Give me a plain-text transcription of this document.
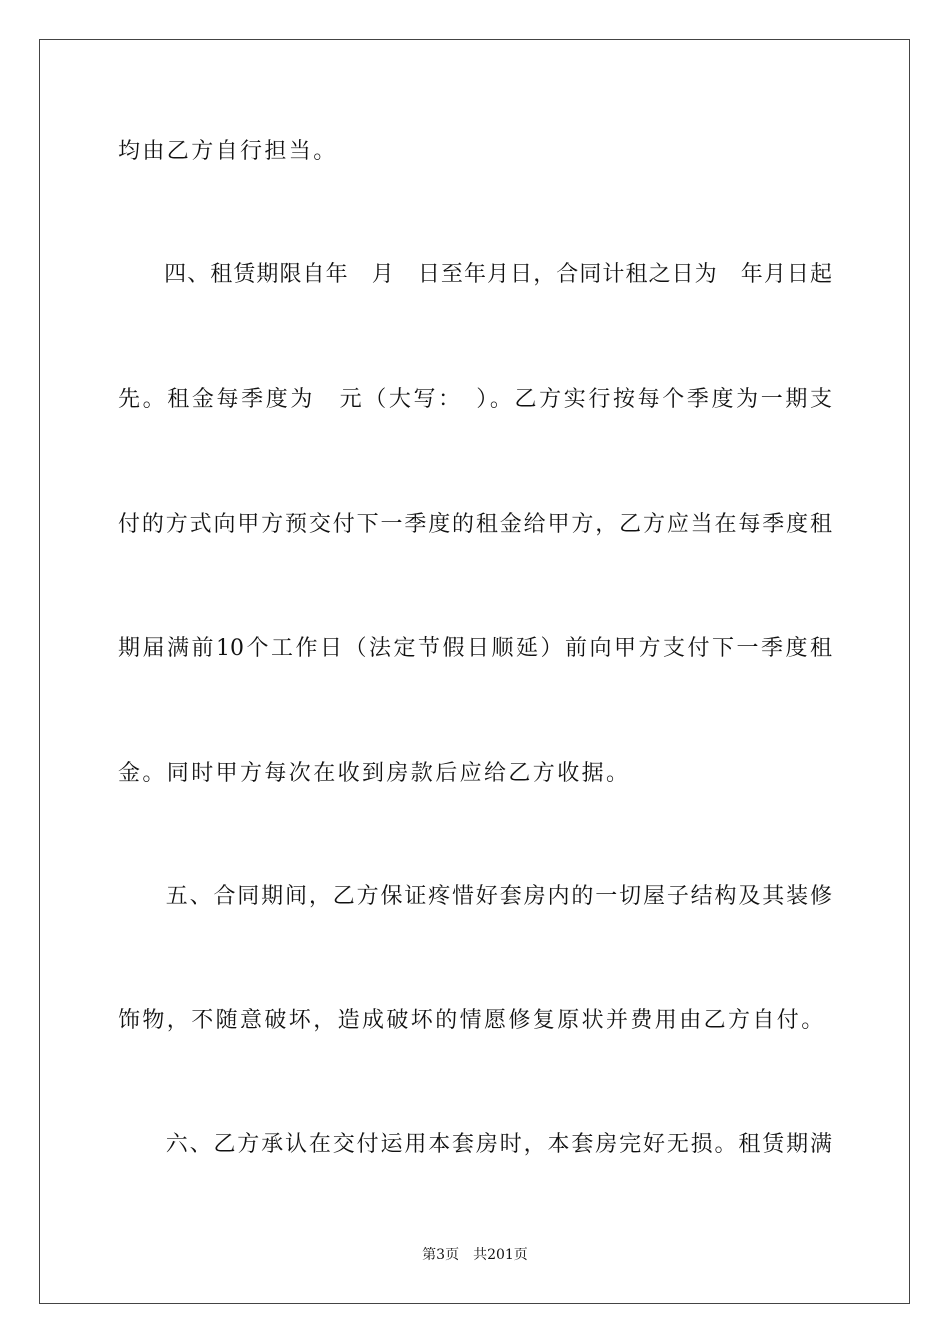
均由乙方自行担当。
　　四、租赁期限自年　月　日至年月日，合同计租之日为　年月日起
先。租金每季度为　元（大写：　）。乙方实行按每个季度为一期支
付的方式向甲方预交付下一季度的租金给甲方，乙方应当在每季度租
期届满前10个工作日（法定节假日顺延）前向甲方支付下一季度租
金。同时甲方每次在收到房款后应给乙方收据。
　　五、合同期间，乙方保证疼惜好套房内的一切屋子结构及其装修
饰物，不随意破坏，造成破坏的情愿修复原状并费用由乙方自付。
　　六、乙方承认在交付运用本套房时，本套房完好无损。租赁期满
第3页　共201页
